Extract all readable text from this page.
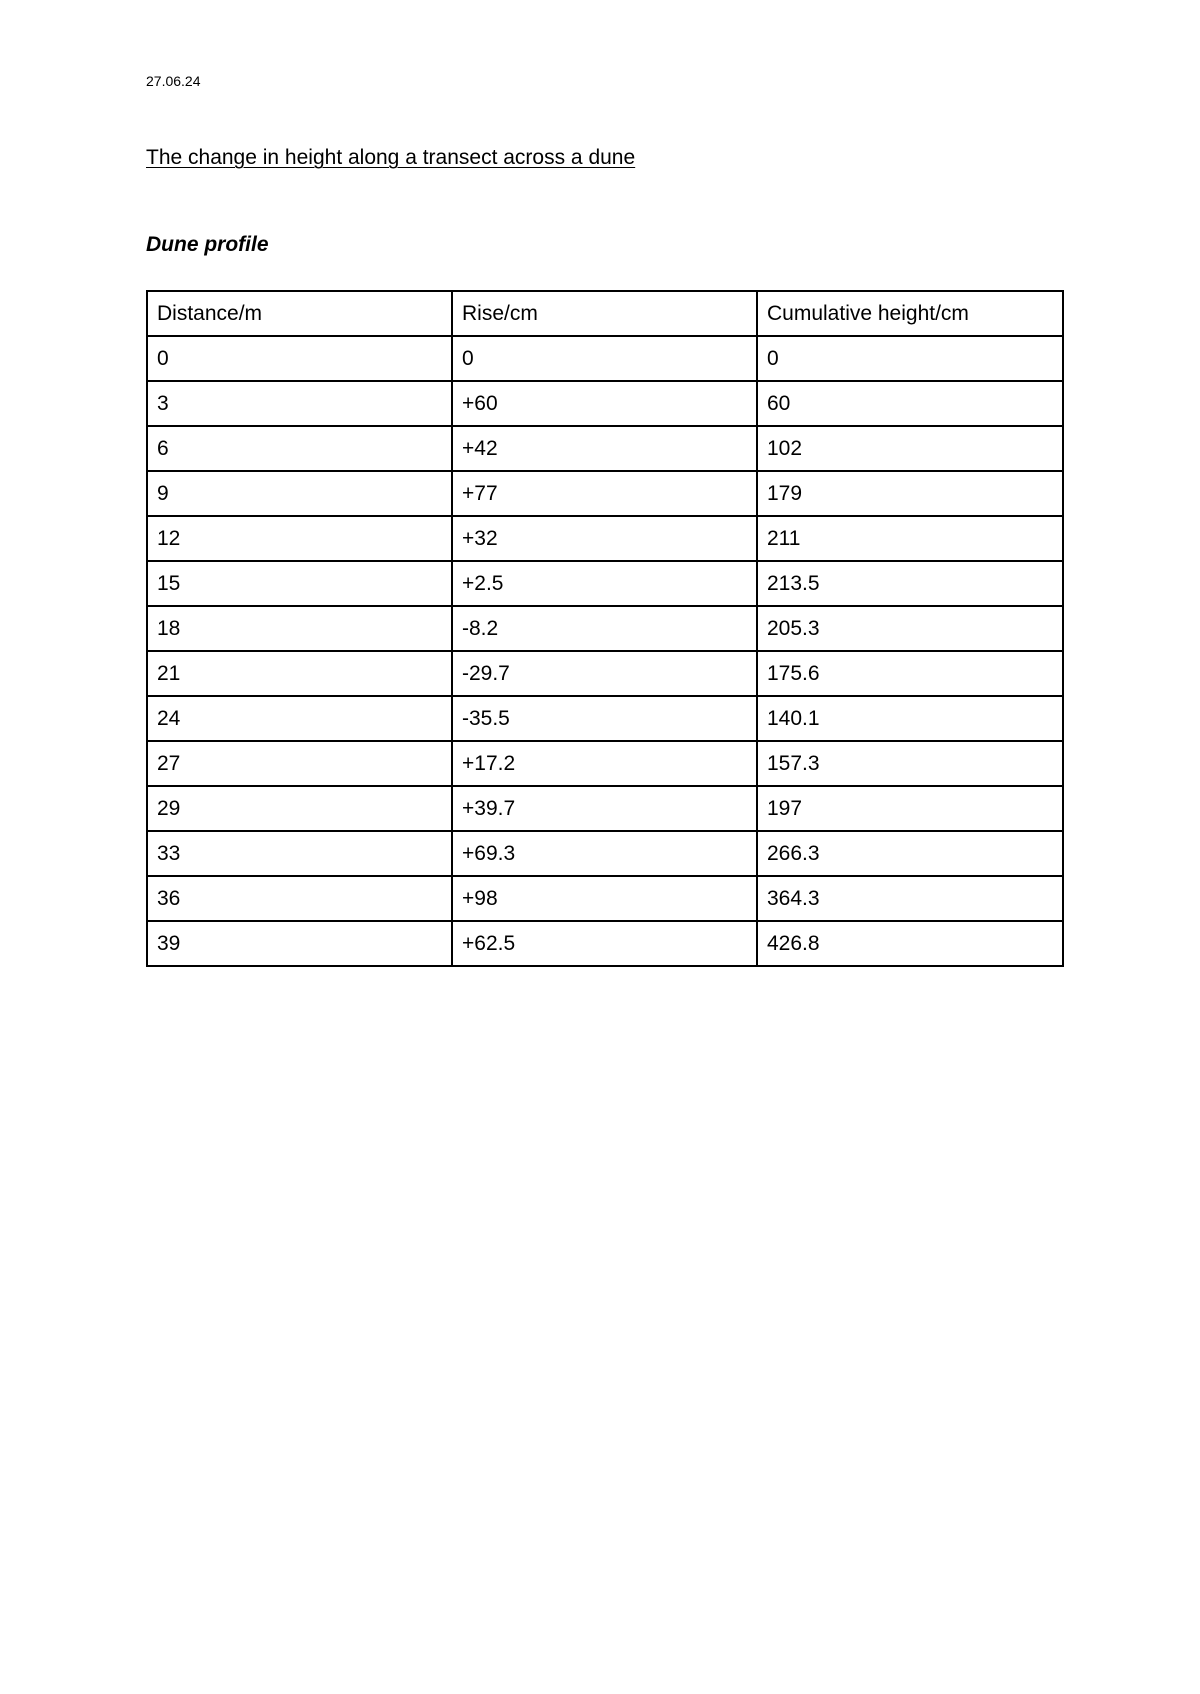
27.06.24
The change in height along a transect across a dune
Dune profile
Distance/m	Rise/cm	Cumulative height/cm
0	0	0
3	+60	60
6	+42	102
9	+77	179
12	+32	211
15	+2.5	213.5
18	-8.2	205.3
21	-29.7	175.6
24	-35.5	140.1
27	+17.2	157.3
29	+39.7	197
33	+69.3	266.3
36	+98	364.3
39	+62.5	426.8
